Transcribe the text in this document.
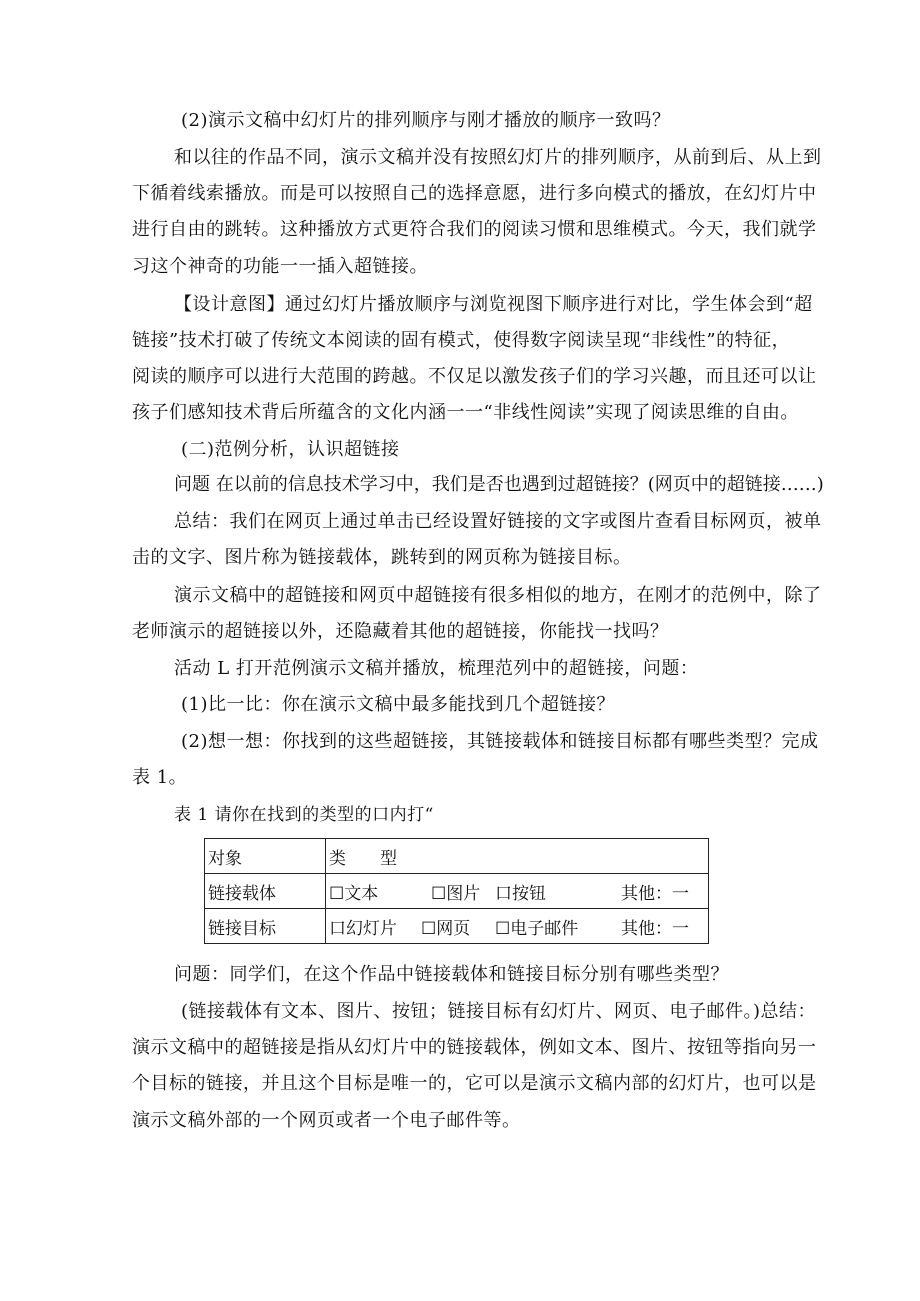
(2)演示文稿中幻灯片的排列顺序与刚才播放的顺序一致吗？
和以往的作品不同，演示文稿并没有按照幻灯片的排列顺序，从前到后、从上到
下循着线索播放。而是可以按照自己的选择意愿，进行多向模式的播放，在幻灯片中
进行自由的跳转。这种播放方式更符合我们的阅读习惯和思维模式。今天，我们就学
习这个神奇的功能一一插入超链接。
【设计意图】通过幻灯片播放顺序与浏览视图下顺序进行对比，学生体会到“超
链接”技术打破了传统文本阅读的固有模式，使得数字阅读呈现“非线性”的特征，
阅读的顺序可以进行大范围的跨越。不仅足以激发孩子们的学习兴趣，而且还可以让
孩子们感知技术背后所蕴含的文化内涵一一“非线性阅读”实现了阅读思维的自由。
(二)范例分析，认识超链接
问题 在以前的信息技术学习中，我们是否也遇到过超链接？(网页中的超链接……)
总结：我们在网页上通过单击已经设置好链接的文字或图片查看目标网页，被单
击的文字、图片称为链接载体，跳转到的网页称为链接目标。
演示文稿中的超链接和网页中超链接有很多相似的地方，在刚才的范例中，除了
老师演示的超链接以外，还隐藏着其他的超链接，你能找一找吗？
活动 L 打开范例演示文稿并播放，梳理范列中的超链接，问题：
(1)比一比：你在演示文稿中最多能找到几个超链接？
(2)想一想：你找到的这些超链接，其链接载体和链接目标都有哪些类型？完成
表 1。
表 1 请你在找到的类型的口内打“
对象	类　　型
链接载体	☐文本 ☐图片 口按钮 其他：一

链接目标	口幻灯片 ☐网页 ☐电子邮件 其他：一
问题：同学们，在这个作品中链接载体和链接目标分别有哪些类型？
(链接载体有文本、图片、按钮；链接目标有幻灯片、网页、电子邮件。)总结：
演示文稿中的超链接是指从幻灯片中的链接载体，例如文本、图片、按钮等指向另一
个目标的链接，并且这个目标是唯一的，它可以是演示文稿内部的幻灯片，也可以是
演示文稿外部的一个网页或者一个电子邮件等。
